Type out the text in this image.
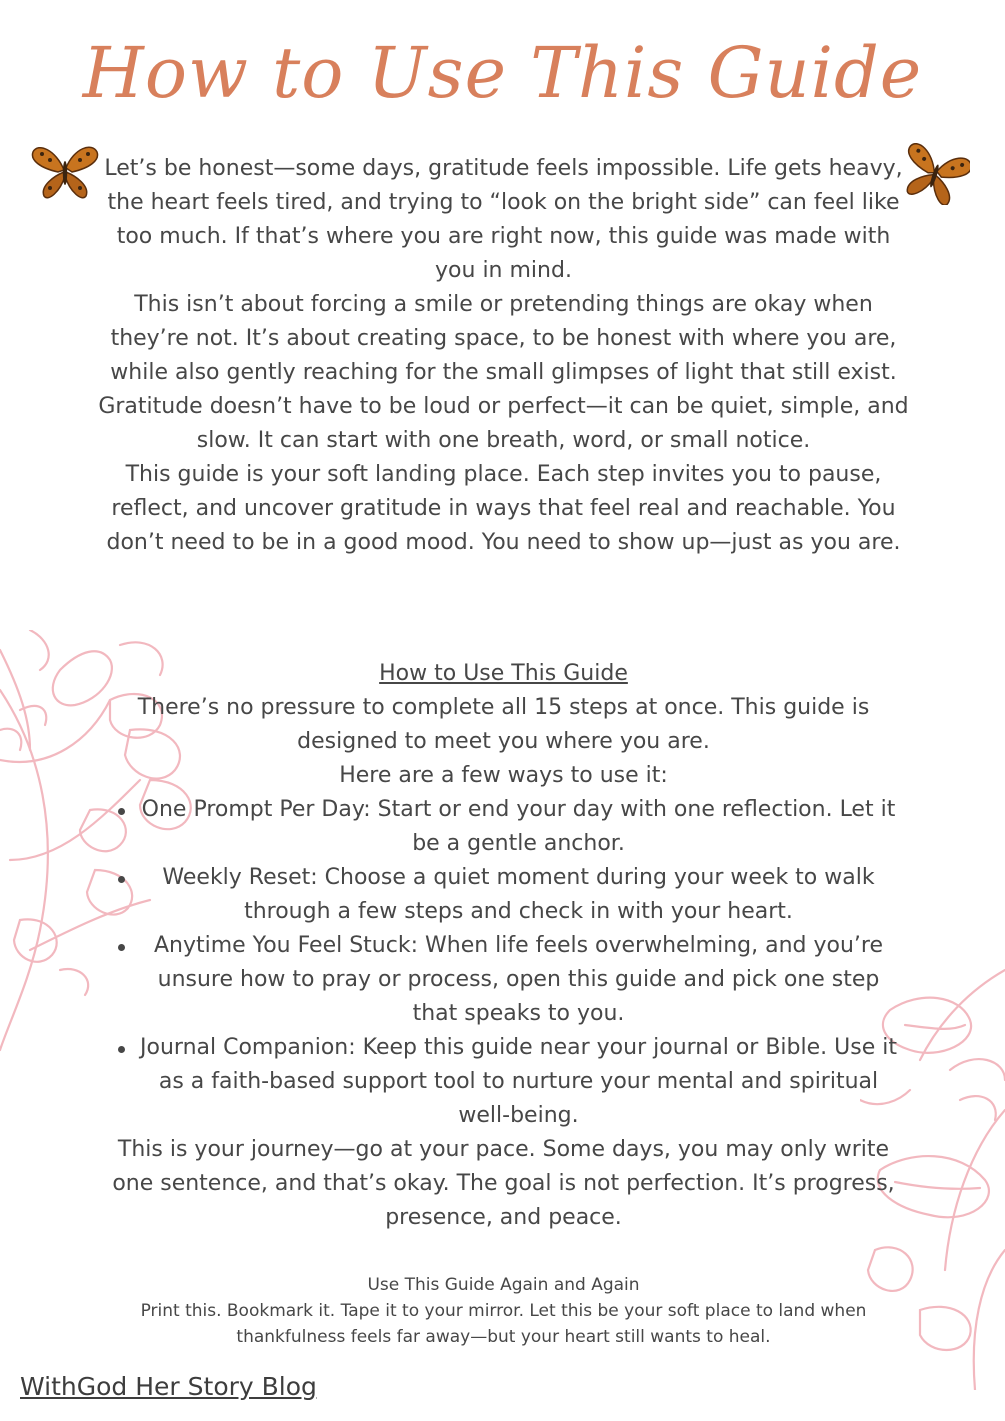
How to Use This Guide

Let’s be honest—some days, gratitude feels impossible. Life gets heavy, the heart feels tired, and trying to “look on the bright side” can feel like too much. If that’s where you are right now, this guide was made with you in mind.

This isn’t about forcing a smile or pretending things are okay when they’re not. It’s about creating space, to be honest with where you are, while also gently reaching for the small glimpses of light that still exist. Gratitude doesn’t have to be loud or perfect—it can be quiet, simple, and slow. It can start with one breath, word, or small notice.

This guide is your soft landing place. Each step invites you to pause, reflect, and uncover gratitude in ways that feel real and reachable. You don’t need to be in a good mood. You need to show up—just as you are.

How to Use This Guide

There’s no pressure to complete all 15 steps at once. This guide is designed to meet you where you are.

Here are a few ways to use it:

One Prompt Per Day: Start or end your day with one reflection. Let it be a gentle anchor.
Weekly Reset: Choose a quiet moment during your week to walk through a few steps and check in with your heart.
Anytime You Feel Stuck: When life feels overwhelming, and you’re unsure how to pray or process, open this guide and pick one step that speaks to you.
Journal Companion: Keep this guide near your journal or Bible. Use it as a faith-based support tool to nurture your mental and spiritual well-being.

This is your journey—go at your pace. Some days, you may only write one sentence, and that’s okay. The goal is not perfection. It’s progress, presence, and peace.

Use This Guide Again and Again

Print this. Bookmark it. Tape it to your mirror. Let this be your soft place to land when thankfulness feels far away—but your heart still wants to heal.

WithGod Her Story Blog
